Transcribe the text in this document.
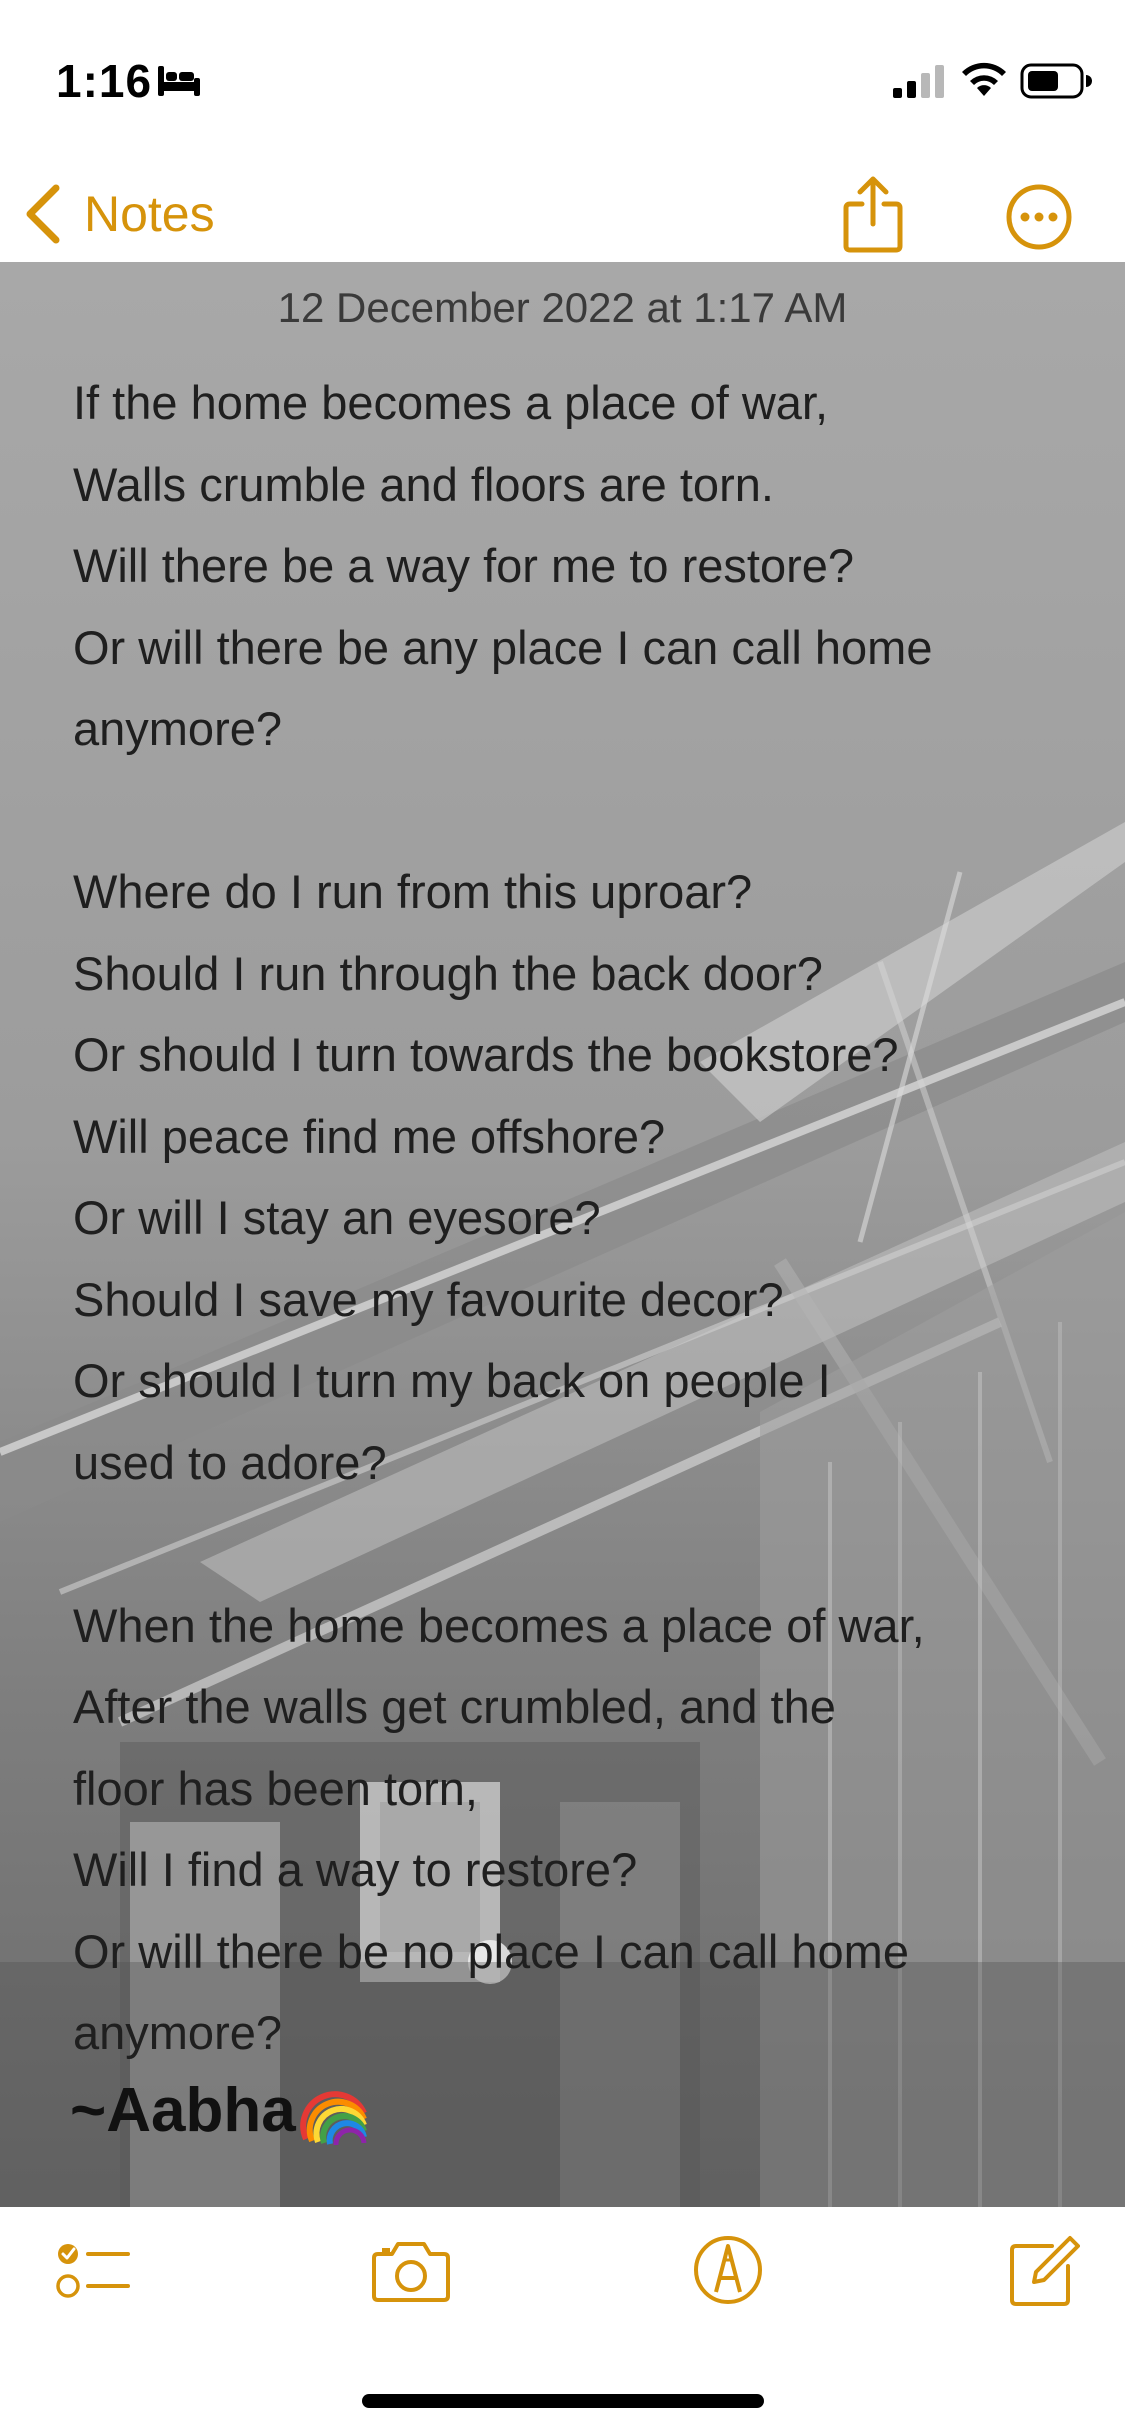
1:16
Notes
12 December 2022 at 1:17 AM
If the home becomes a place of war,
Walls crumble and floors are torn.
Will there be a way for me to restore?
Or will there be any place I can call home
anymore?
Where do I run from this uproar?
Should I run through the back door?
Or should I turn towards the bookstore?
Will peace find me offshore?
Or will I stay an eyesore?
Should I save my favourite decor?
Or should I turn my back on people I
used to adore?
When the home becomes a place of war,
After the walls get crumbled, and the
floor has been torn,
Will I find a way to restore?
Or will there be no place I can call home
anymore?
~Aabha
